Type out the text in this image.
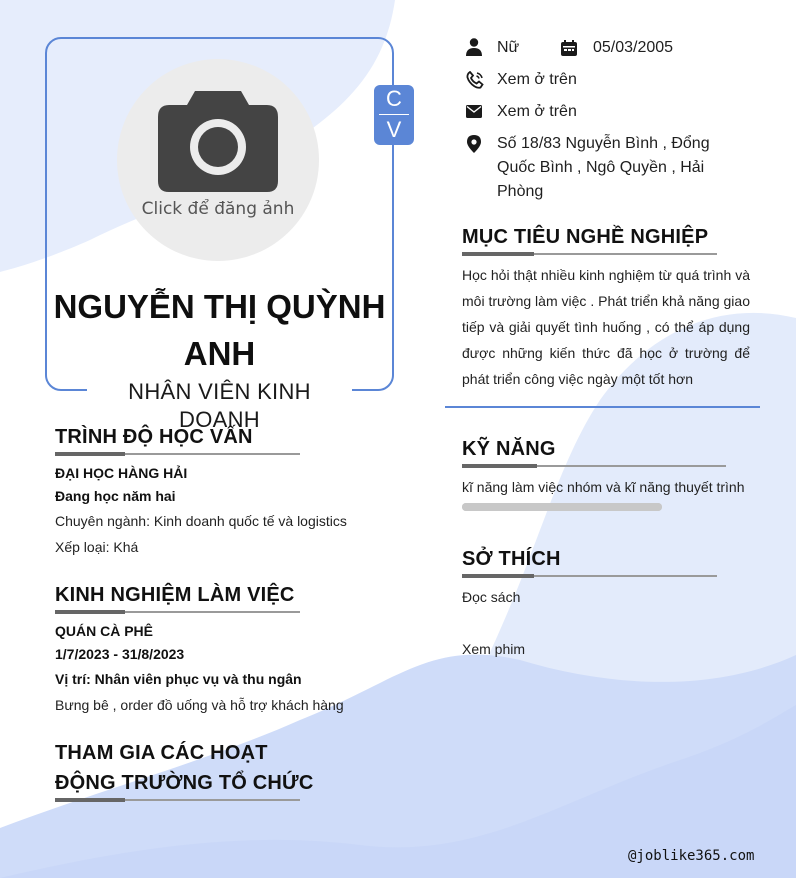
Click để đăng ảnh
NGUYỄN THỊ QUỲNH ANH
NHÂN VIÊN KINH DOANH
C
V
Nữ	05/03/2005
Xem ở trên
Xem ở trên
Số 18/83 Nguyễn Bình , Đổng
Quốc Bình , Ngô Quyền , Hải
Phòng
MỤC TIÊU NGHỀ NGHIỆP
Học hỏi thật nhiều kinh nghiệm từ quá trình và môi trường làm việc . Phát triển khả năng giao tiếp và giải quyết tình huống , có thể áp dụng được những kiến thức đã học ở trường để phát triển công việc ngày một tốt hơn
KỸ NĂNG
kĩ năng làm việc nhóm và kĩ năng thuyết trình
SỞ THÍCH
Đọc sách
Xem phim
TRÌNH ĐỘ HỌC VẤN
ĐẠI HỌC HÀNG HẢI
Đang học năm hai
Chuyên ngành: Kinh doanh quốc tế và logistics
Xếp loại: Khá
KINH NGHIỆM LÀM VIỆC
QUÁN CÀ PHÊ
1/7/2023 - 31/8/2023
Vị trí: Nhân viên phục vụ và thu ngân
Bưng bê , order đồ uống và hỗ trợ khách hàng
THAM GIA CÁC HOẠT
ĐỘNG TRƯỜNG TỔ CHỨC
@joblike365.com
